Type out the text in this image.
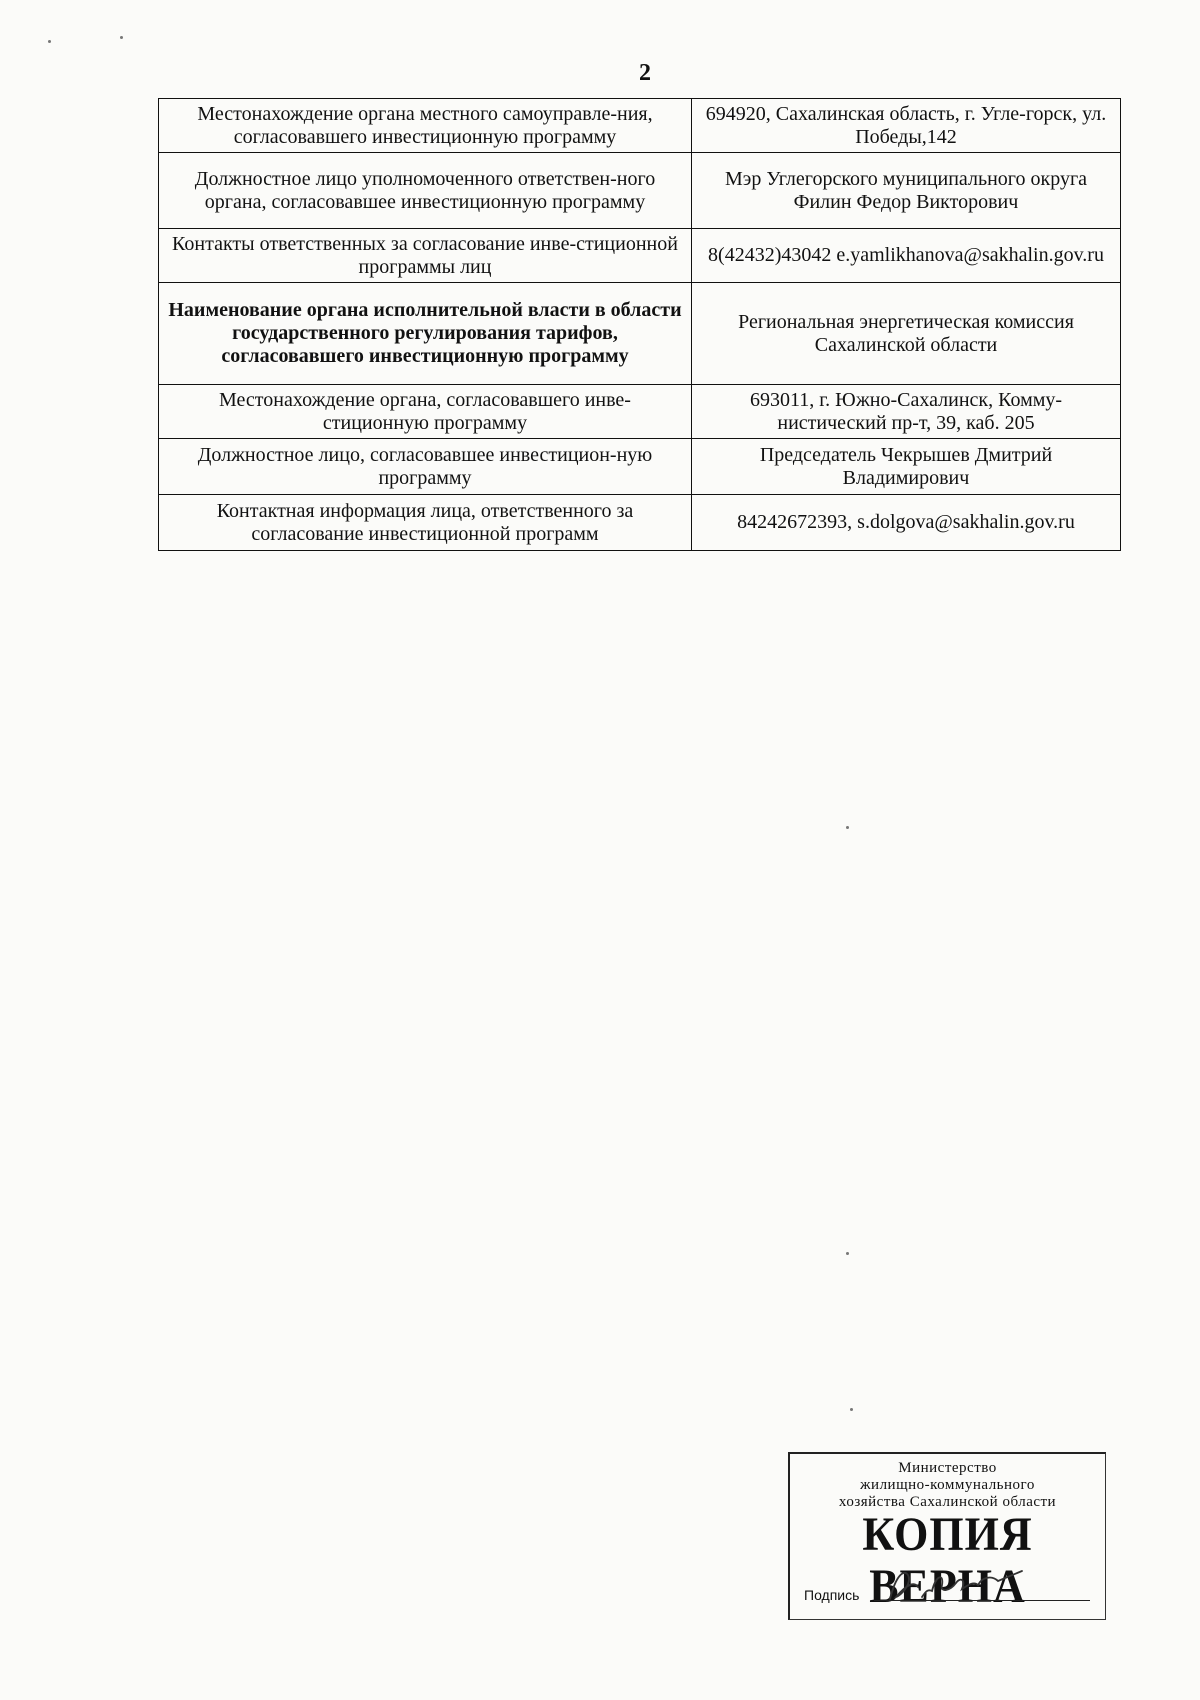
2
Местонахождение органа местного самоуправле-ния, согласовавшего инвестиционную программу	694920, Сахалинская область, г. Угле-горск, ул. Победы,142
Должностное лицо уполномоченного ответствен-ного органа, согласовавшее инвестиционную программу	Мэр Углегорского муниципального округа Филин Федор Викторович
Контакты ответственных за согласование инве-стиционной программы лиц	8(42432)43042 e.yamlikhanova@sakhalin.gov.ru
Наименование органа исполнительной власти в области государственного регулирования тарифов, согласовавшего инвестиционную программу	Региональная энергетическая комиссия Сахалинской области
Местонахождение органа, согласовавшего инве-стиционную программу	693011, г. Южно-Сахалинск, Комму-нистический пр-т, 39, каб. 205
Должностное лицо, согласовавшее инвестицион-ную программу	Председатель Чекрышев Дмитрий Владимирович
Контактная информация лица, ответственного за согласование инвестиционной программ	84242672393, s.dolgova@sakhalin.gov.ru
Министерство
жилищно-коммунального
хозяйства Сахалинской области
КОПИЯ ВЕРНА
Подпись
